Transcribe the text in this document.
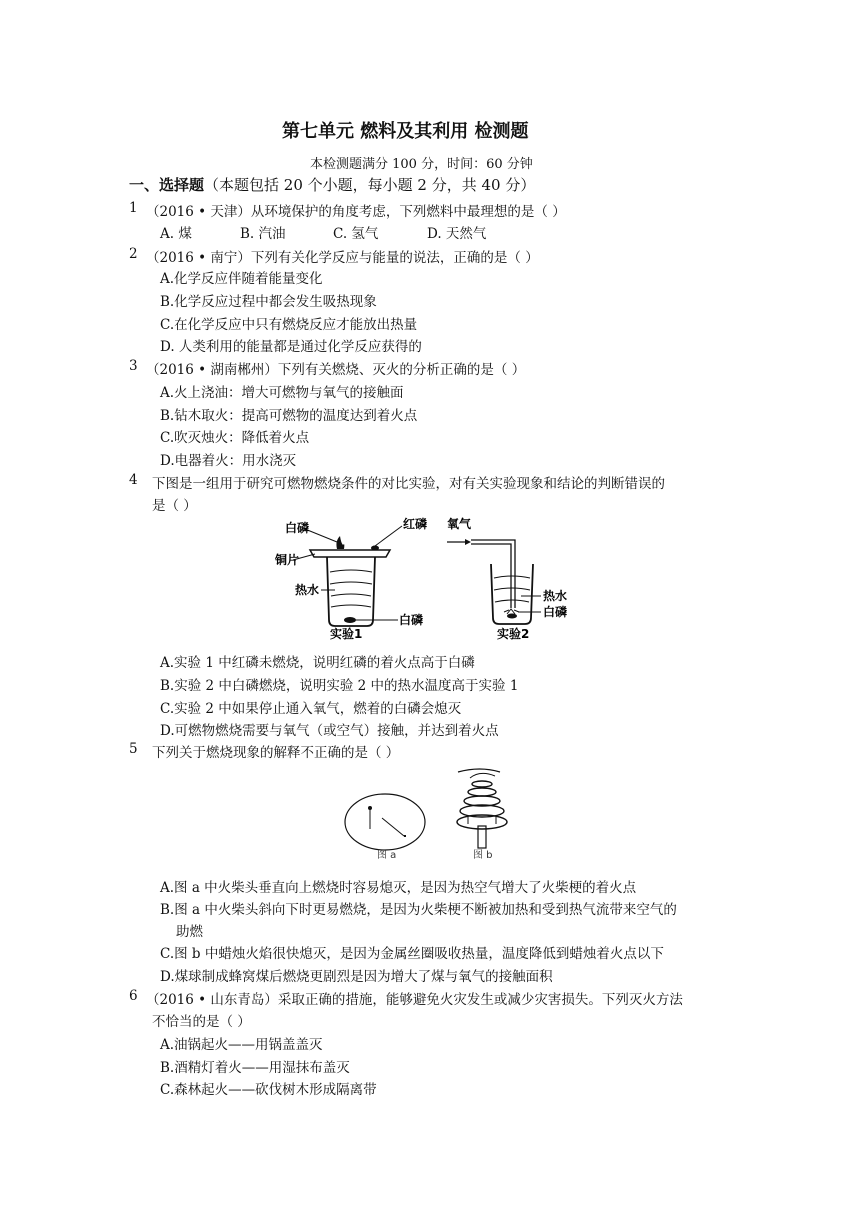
第七单元 燃料及其利用 检测题
本检测题满分 100 分，时间：60 分钟
一、选择题（本题包括 20 个小题，每小题 2 分，共 40 分）
1 （2016 • 天津）从环境保护的角度考虑，下列燃料中最理想的是（ ）
A. 煤	B. 汽油	C. 氢气	D. 天然气
2 （2016 • 南宁）下列有关化学反应与能量的说法，正确的是（ ）
A.化学反应伴随着能量变化
B.化学反应过程中都会发生吸热现象
C.在化学反应中只有燃烧反应才能放出热量
D. 人类利用的能量都是通过化学反应获得的
3 （2016 • 湖南郴州）下列有关燃烧、灭火的分析正确的是（ ）
A.火上浇油：增大可燃物与氧气的接触面
B.钻木取火：提高可燃物的温度达到着火点
C.吹灭烛火：降低着火点
D.电器着火：用水浇灭
4 下图是一组用于研究可燃物燃烧条件的对比实验，对有关实验现象和结论的判断错误的
是（ ）
白磷	红磷
铜片
热水
白磷
实验1
氧气
热水
白磷
实验2
A.实验 1 中红磷未燃烧，说明红磷的着火点高于白磷
B.实验 2 中白磷燃烧，说明实验 2 中的热水温度高于实验 1
C.实验 2 中如果停止通入氧气，燃着的白磷会熄灭
D.可燃物燃烧需要与氧气（或空气）接触，并达到着火点
5 下列关于燃烧现象的解释不正确的是（ ）
图 a	图 b
A.图 a 中火柴头垂直向上燃烧时容易熄灭，是因为热空气增大了火柴梗的着火点
B.图 a 中火柴头斜向下时更易燃烧，是因为火柴梗不断被加热和受到热气流带来空气的
助燃
C.图 b 中蜡烛火焰很快熄灭，是因为金属丝圈吸收热量，温度降低到蜡烛着火点以下
D.煤球制成蜂窝煤后燃烧更剧烈是因为增大了煤与氧气的接触面积
6 （2016 • 山东青岛）采取正确的措施，能够避免火灾发生或减少灾害损失。下列灭火方法
不恰当的是（ ）
A.油锅起火——用锅盖盖灭
B.酒精灯着火——用湿抹布盖灭
C.森林起火——砍伐树木形成隔离带
